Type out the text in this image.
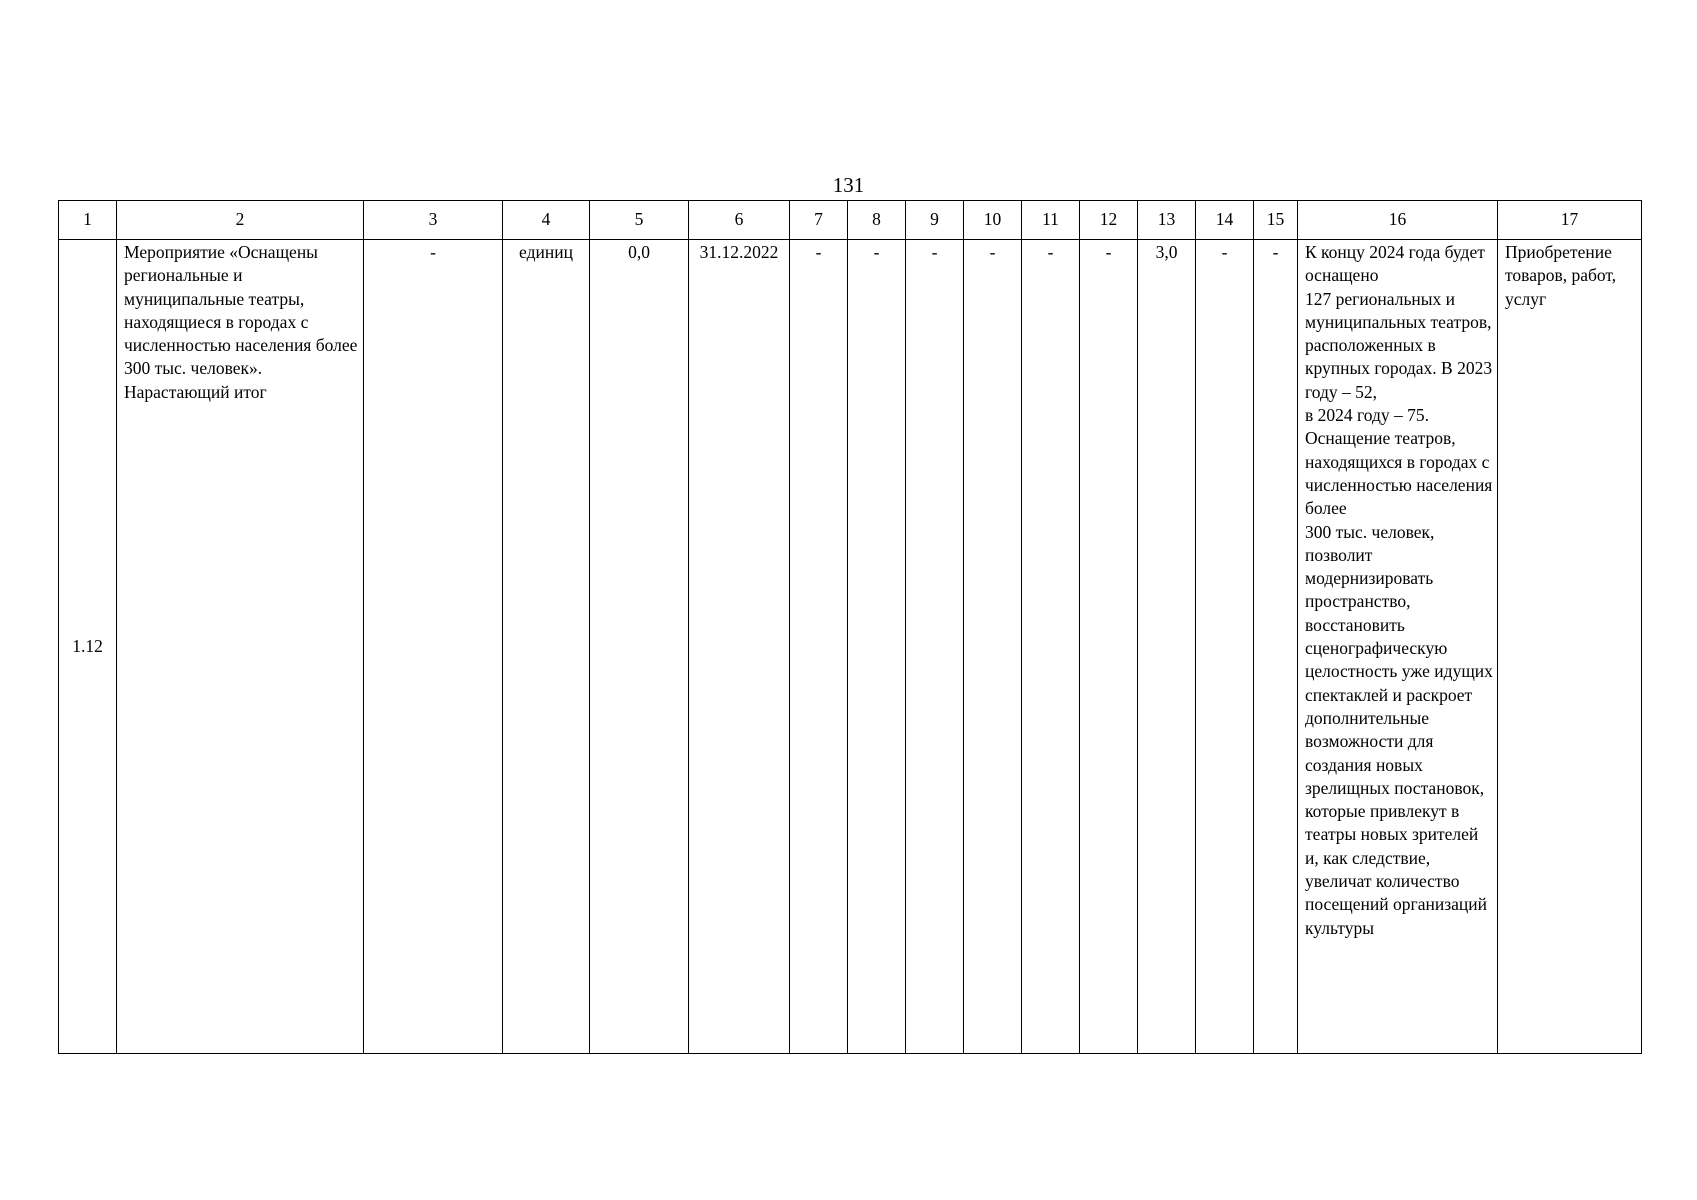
131
1	2	3	4	5	6	7	8	9	10	11	12	13	14	15	16	17
1.12	Мероприятие «Оснащены региональные и муниципальные театры, находящиеся в городах с численностью населения более 300 тыс. человек». Нарастающий итог	-	единиц	0,0	31.12.2022	-	-	-	-	-	-	3,0	-	-	К концу 2024 года будет оснащено
127 региональных и муниципальных театров, расположенных в крупных городах. В 2023 году – 52,
в 2024 году – 75. Оснащение театров, находящихся в городах с численностью населения более
300 тыс. человек, позволит модернизировать пространство, восстановить сценографическую целостность уже идущих спектаклей и раскроет дополнительные возможности для создания новых зрелищных постановок, которые привлекут в театры новых зрителей и, как следствие, увеличат количество посещений организаций культуры	Приобретение товаров, работ, услуг
